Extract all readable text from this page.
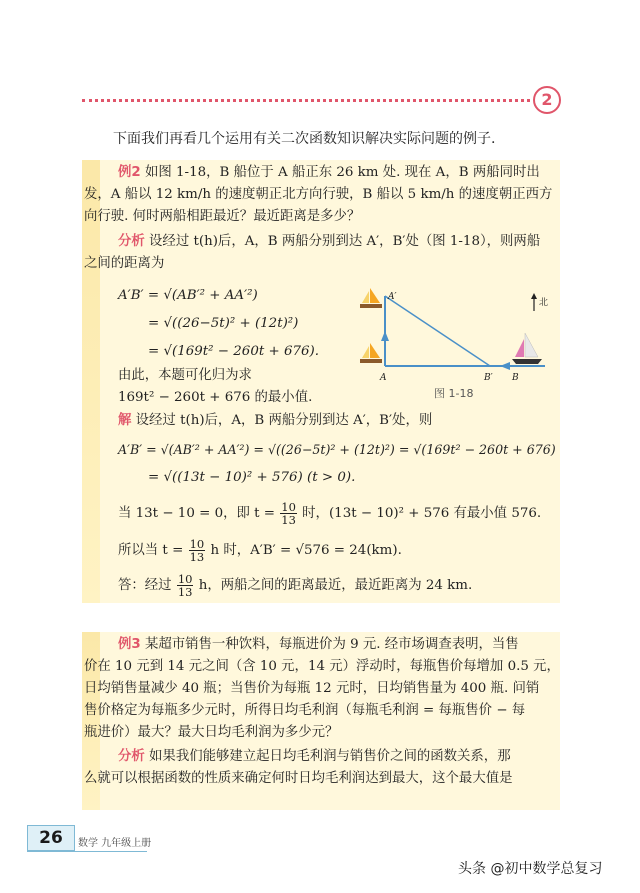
2
下面我们再看几个运用有关二次函数知识解决实际问题的例子.
例2 如图 1-18，B 船位于 A 船正东 26 km 处. 现在 A，B 两船同时出
发，A 船以 12 km/h 的速度朝正北方向行驶，B 船以 5 km/h 的速度朝正西方
向行驶. 何时两船相距最近？最近距离是多少？
分析 设经过 t(h)后，A，B 两船分别到达 A′，B′处（图 1-18），则两船
之间的距离为
A′B′ = √(AB′² + AA′²)
= √((26−5t)² + (12t)²)
= √(169t² − 260t + 676).
由此，本题可化归为求
169t² − 260t + 676 的最小值.
北
A′
A	B′ B
图 1-18
解 设经过 t(h)后，A，B 两船分别到达 A′，B′处，则
A′B′ = √(AB′² + AA′²) = √((26−5t)² + (12t)²) = √(169t² − 260t + 676)
= √((13t − 10)² + 576) (t > 0).
当 13t − 10 = 0，即 $t = \frac{10}{13}$ 时，(13t − 10)² + 576 有最小值 576.
所以当 $t = \frac{10}{13}$ h 时，A′B′ = √576 = 24(km).
答：经过 $\frac{10}{13}$ h，两船之间的距离最近，最近距离为 24 km.
例3 某超市销售一种饮料，每瓶进价为 9 元. 经市场调查表明，当售
价在 10 元到 14 元之间（含 10 元，14 元）浮动时，每瓶售价每增加 0.5 元，
日均销售量减少 40 瓶；当售价为每瓶 12 元时，日均销售量为 400 瓶. 问销
售价格定为每瓶多少元时，所得日均毛利润（每瓶毛利润 = 每瓶售价 − 每
瓶进价）最大？最大日均毛利润为多少元？
分析 如果我们能够建立起日均毛利润与销售价之间的函数关系，那
么就可以根据函数的性质来确定何时日均毛利润达到最大，这个最大值是
26	数学 九年级上册
头条 @初中数学总复习
